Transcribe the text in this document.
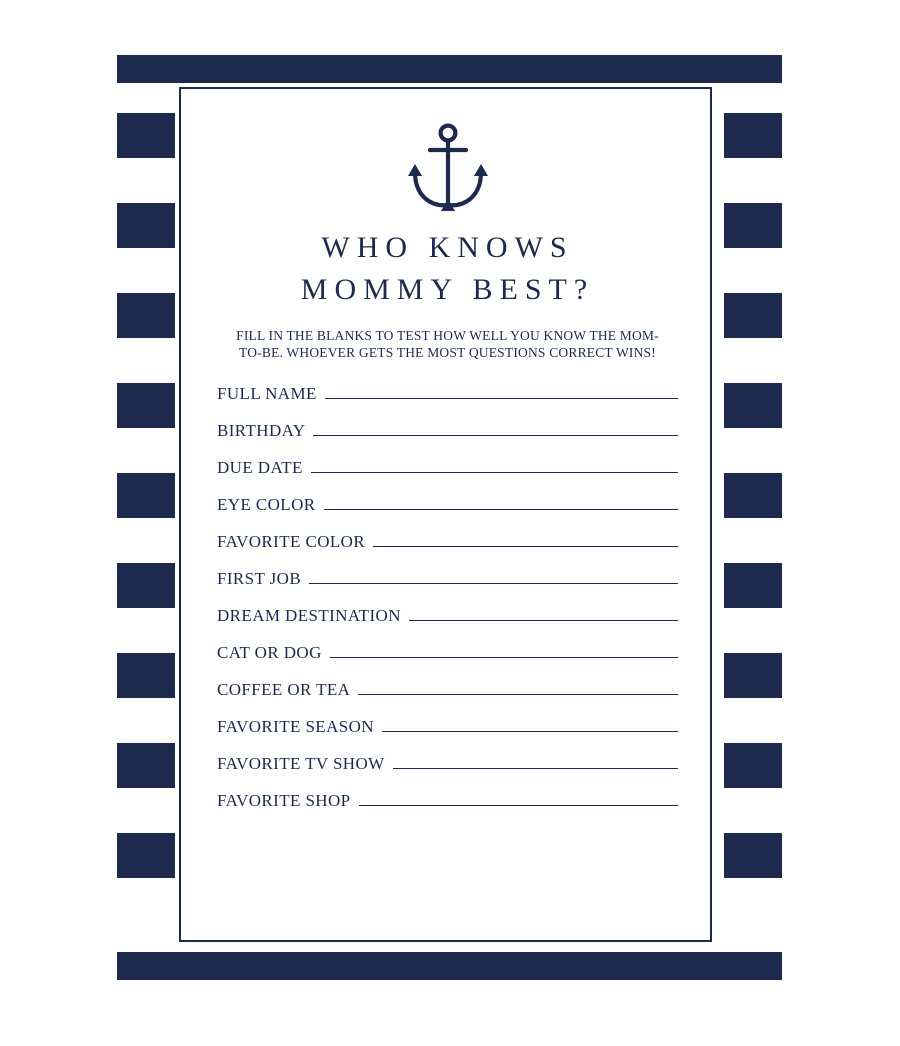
WHO KNOWS
MOMMY BEST?
FILL IN THE BLANKS TO TEST HOW WELL YOU KNOW THE MOM-TO-BE. WHOEVER GETS THE MOST QUESTIONS CORRECT WINS!
FULL NAME
BIRTHDAY
DUE DATE
EYE COLOR
FAVORITE COLOR
FIRST JOB
DREAM DESTINATION
CAT OR DOG
COFFEE OR TEA
FAVORITE SEASON
FAVORITE TV SHOW
FAVORITE SHOP
